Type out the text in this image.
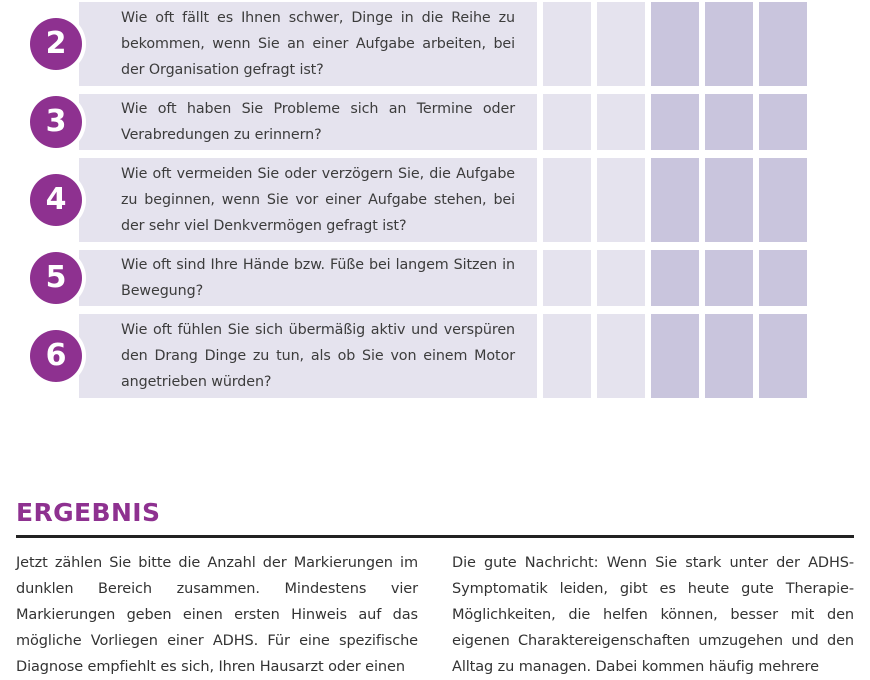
2

Wie oft fällt es Ihnen schwer, Dinge in die Reihe zu bekommen, wenn Sie an einer Aufgabe arbeiten, bei der Organisation gefragt ist?

3	Wie oft haben Sie Probleme sich an Termine oder Verabredungen zu erinnern?

4

Wie oft vermeiden Sie oder verzögern Sie, die Aufgabe zu beginnen, wenn Sie vor einer Aufgabe stehen, bei der sehr viel Denkvermögen gefragt ist?

5	Wie oft sind Ihre Hände bzw. Füße bei langem Sitzen in Bewegung?

6

Wie oft fühlen Sie sich übermäßig aktiv und verspüren den Drang Dinge zu tun, als ob Sie von einem Motor angetrieben würden?

ERGEBNIS

Jetzt zählen Sie bitte die Anzahl der Markierungen im dunklen Bereich zusammen. Mindestens vier Markierungen geben einen ersten Hinweis auf das mögliche Vorliegen einer ADHS. Für eine spezifische Diagnose empfiehlt es sich, Ihren Hausarzt oder einen

Die gute Nachricht: Wenn Sie stark unter der ADHS-Symptomatik leiden, gibt es heute gute Therapie-Möglichkeiten, die helfen können, besser mit den eigenen Charaktereigenschaften umzugehen und den Alltag zu managen. Dabei kommen häufig mehrere
